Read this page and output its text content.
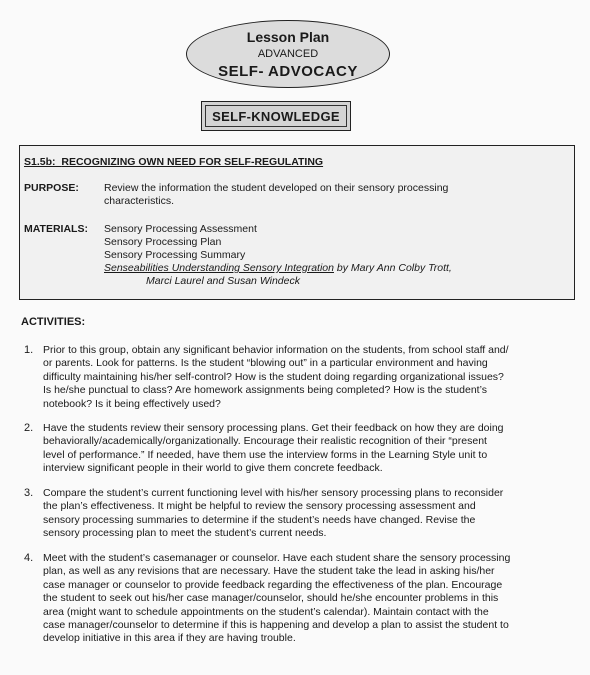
Lesson Plan
ADVANCED
SELF- ADVOCACY
SELF-KNOWLEDGE
S1.5b: RECOGNIZING OWN NEED FOR SELF-REGULATING
PURPOSE: Review the information the student developed on their sensory processing
characteristics.
MATERIALS: Sensory Processing Assessment
Sensory Processing Plan
Sensory Processing Summary
Senseabilities Understanding Sensory Integration by Mary Ann Colby Trott,
Marci Laurel and Susan Windeck
ACTIVITIES:
1. Prior to this group, obtain any significant behavior information on the students, from school staff and/
or parents. Look for patterns. Is the student “blowing out” in a particular environment and having
difficulty maintaining his/her self-control? How is the student doing regarding organizational issues?
Is he/she punctual to class? Are homework assignments being completed? How is the student’s
notebook? Is it being effectively used?
2. Have the students review their sensory processing plans. Get their feedback on how they are doing
behaviorally/academically/organizationally. Encourage their realistic recognition of their “present
level of performance.” If needed, have them use the interview forms in the Learning Style unit to
interview significant people in their world to give them concrete feedback.
3. Compare the student’s current functioning level with his/her sensory processing plans to reconsider
the plan’s effectiveness. It might be helpful to review the sensory processing assessment and
sensory processing summaries to determine if the student’s needs have changed. Revise the
sensory processing plan to meet the student’s current needs.
4. Meet with the student’s casemanager or counselor. Have each student share the sensory processing
plan, as well as any revisions that are necessary. Have the student take the lead in asking his/her
case manager or counselor to provide feedback regarding the effectiveness of the plan. Encourage
the student to seek out his/her case manager/counselor, should he/she encounter problems in this
area (might want to schedule appointments on the student’s calendar). Maintain contact with the
case manager/counselor to determine if this is happening and develop a plan to assist the student to
develop initiative in this area if they are having trouble.
